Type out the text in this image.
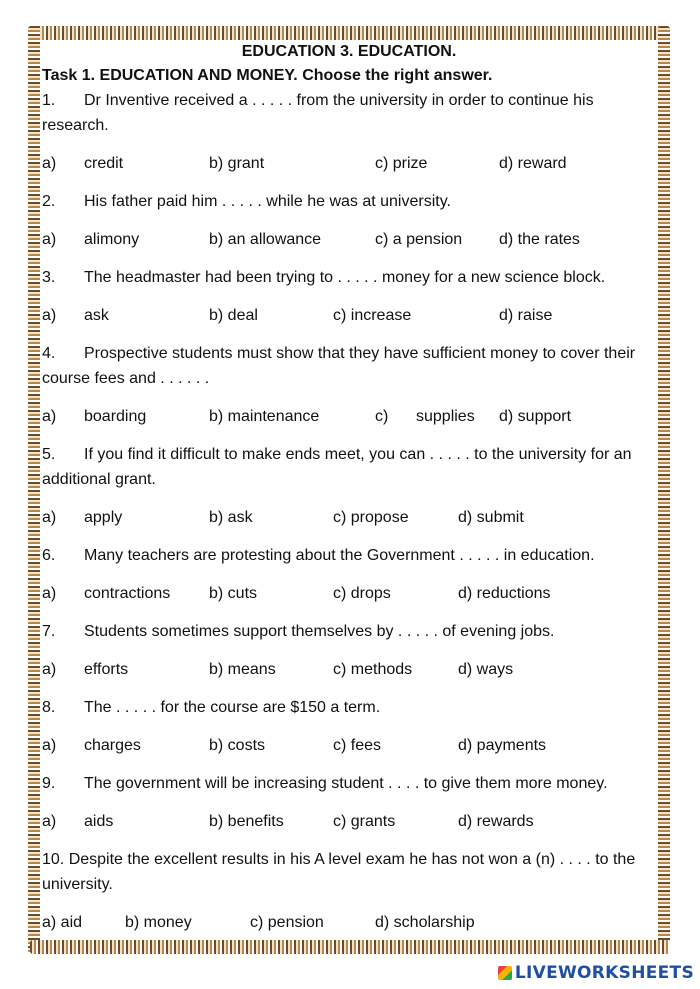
EDUCATION 3. EDUCATION.
Task 1. EDUCATION AND MONEY. Choose the right answer.
1. Dr Inventive received a . . . . . from the university in order to continue his research.
a) credit	b) grant	c) prize	d) reward
2. His father paid him . . . . . while he was at university.
a) alimony	b) an allowance	c) a pension d) the rates
3. The headmaster had been trying to . . . . . money for a new science block.
a) ask	b) deal	c) increase	d) raise
4. Prospective students must show that they have sufficient money to cover their course fees and . . . . . .
a) boarding	b) maintenance	c) supplies d) support
5. If you find it difficult to make ends meet, you can . . . . . to the university for an additional grant.
a) apply	b) ask	c) propose	d) submit
6. Many teachers are protesting about the Government . . . . . in education.
a) contractions b) cuts	c) drops	d) reductions
7. Students sometimes support themselves by . . . . . of evening jobs.
a) efforts	b) means	c) methods	d) ways
8. The . . . . . for the course are $150 a term.
a) charges	b) costs	c) fees	d) payments
9. The government will be increasing student . . . . to give them more money.
a) aids	b) benefits	c) grants	d) rewards
10. Despite the excellent results in his A level exam he has not won a (n) . . . . to the university.
a) aid	b) money	c) pension	d) scholarship
LIVEWORKSHEETS
